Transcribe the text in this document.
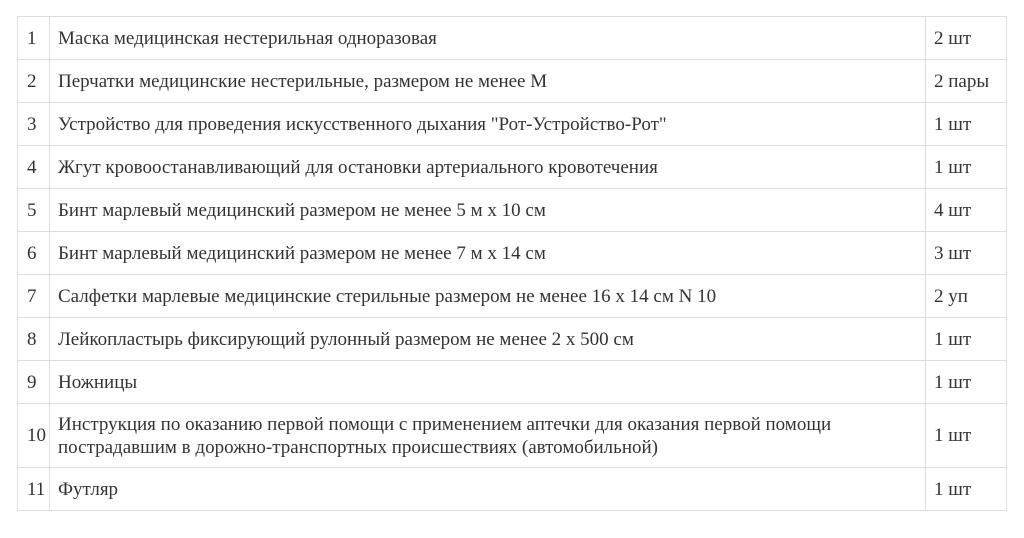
1	Маска медицинская нестерильная одноразовая	2 шт
2	Перчатки медицинские нестерильные, размером не менее М	2 пары
3	Устройство для проведения искусственного дыхания "Рот-Устройство-Рот"	1 шт
4	Жгут кровоостанавливающий для остановки артериального кровотечения	1 шт
5	Бинт марлевый медицинский размером не менее 5 м х 10 см	4 шт
6	Бинт марлевый медицинский размером не менее 7 м х 14 см	3 шт
7	Салфетки марлевые медицинские стерильные размером не менее 16 х 14 см N 10	2 уп
8	Лейкопластырь фиксирующий рулонный размером не менее 2 х 500 см	1 шт
9	Ножницы	1 шт
10	Инструкция по оказанию первой помощи с применением аптечки для оказания первой помощи пострадавшим в дорожно-транспортных происшествиях (автомобильной)	1 шт
11	Футляр	1 шт
